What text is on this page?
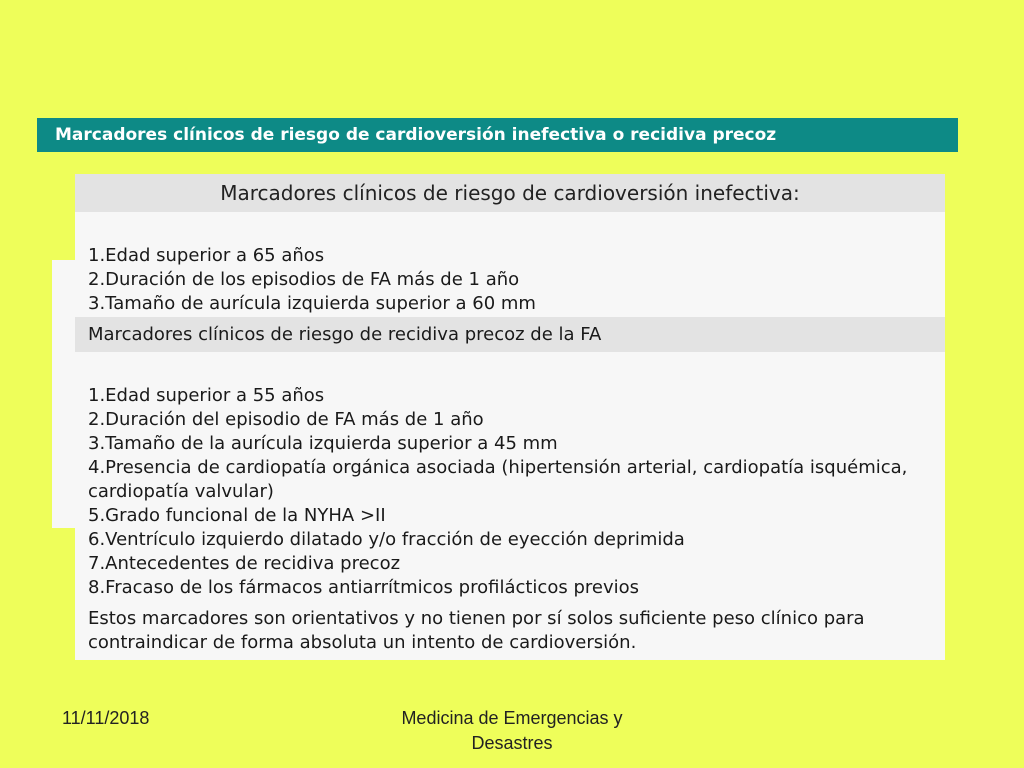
Marcadores clínicos de riesgo de cardioversión inefectiva o recidiva precoz
Marcadores clínicos de riesgo de cardioversión inefectiva:
1.Edad superior a 65 años
2.Duración de los episodios de FA más de 1 año
3.Tamaño de aurícula izquierda superior a 60 mm
Marcadores clínicos de riesgo de recidiva precoz de la FA
1.Edad superior a 55 años
2.Duración del episodio de FA más de 1 año
3.Tamaño de la aurícula izquierda superior a 45 mm
4.Presencia de cardiopatía orgánica asociada (hipertensión arterial, cardiopatía isquémica, cardiopatía valvular)
5.Grado funcional de la NYHA >II
6.Ventrículo izquierdo dilatado y/o fracción de eyección deprimida
7.Antecedentes de recidiva precoz
8.Fracaso de los fármacos antiarrítmicos profilácticos previos

Estos marcadores son orientativos y no tienen por sí solos suficiente peso clínico para contraindicar de forma absoluta un intento de cardioversión.

11/11/2018	Medicina de Emergencias y
Desastres
